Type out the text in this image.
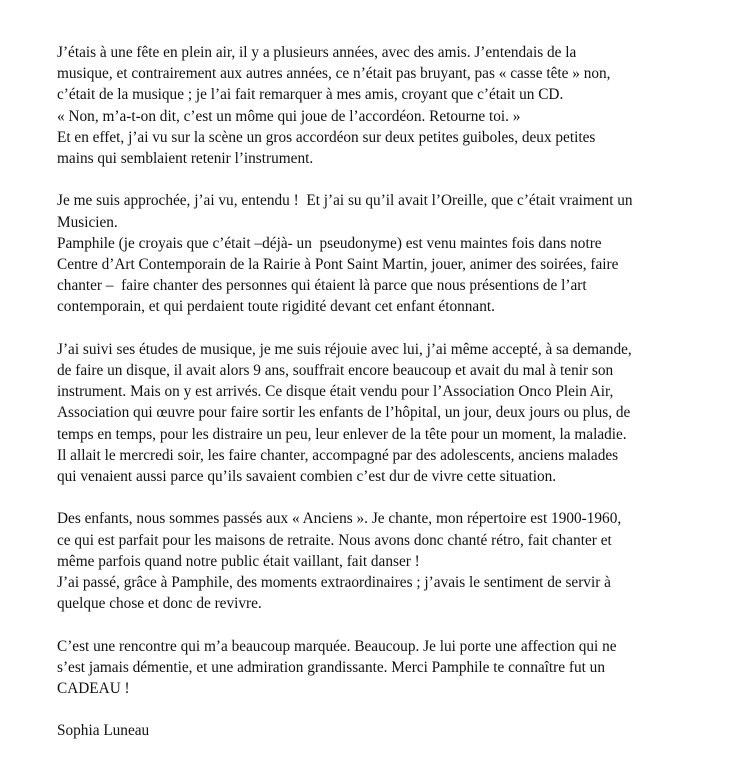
J’étais à une fête en plein air, il y a plusieurs années, avec des amis. J’entendais de la
musique, et contrairement aux autres années, ce n’était pas bruyant, pas « casse tête » non,
c’était de la musique ; je l’ai fait remarquer à mes amis, croyant que c’était un CD.
« Non, m’a-t-on dit, c’est un môme qui joue de l’accordéon. Retourne toi. »
Et en effet, j’ai vu sur la scène un gros accordéon sur deux petites guiboles, deux petites
mains qui semblaient retenir l’instrument.
Je me suis approchée, j’ai vu, entendu !  Et j’ai su qu’il avait l’Oreille, que c’était vraiment un
Musicien.
Pamphile (je croyais que c’était –déjà- un  pseudonyme) est venu maintes fois dans notre
Centre d’Art Contemporain de la Rairie à Pont Saint Martin, jouer, animer des soirées, faire
chanter –  faire chanter des personnes qui étaient là parce que nous présentions de l’art
contemporain, et qui perdaient toute rigidité devant cet enfant étonnant.
J’ai suivi ses études de musique, je me suis réjouie avec lui, j’ai même accepté, à sa demande,
de faire un disque, il avait alors 9 ans, souffrait encore beaucoup et avait du mal à tenir son
instrument. Mais on y est arrivés. Ce disque était vendu pour l’Association Onco Plein Air,
Association qui œuvre pour faire sortir les enfants de l’hôpital, un jour, deux jours ou plus, de
temps en temps, pour les distraire un peu, leur enlever de la tête pour un moment, la maladie.
Il allait le mercredi soir, les faire chanter, accompagné par des adolescents, anciens malades
qui venaient aussi parce qu’ils savaient combien c’est dur de vivre cette situation.
Des enfants, nous sommes passés aux « Anciens ». Je chante, mon répertoire est 1900-1960,
ce qui est parfait pour les maisons de retraite. Nous avons donc chanté rétro, fait chanter et
même parfois quand notre public était vaillant, fait danser !
J’ai passé, grâce à Pamphile, des moments extraordinaires ; j’avais le sentiment de servir à
quelque chose et donc de revivre.
C’est une rencontre qui m’a beaucoup marquée. Beaucoup. Je lui porte une affection qui ne
s’est jamais démentie, et une admiration grandissante. Merci Pamphile te connaître fut un
CADEAU !

Sophia Luneau
